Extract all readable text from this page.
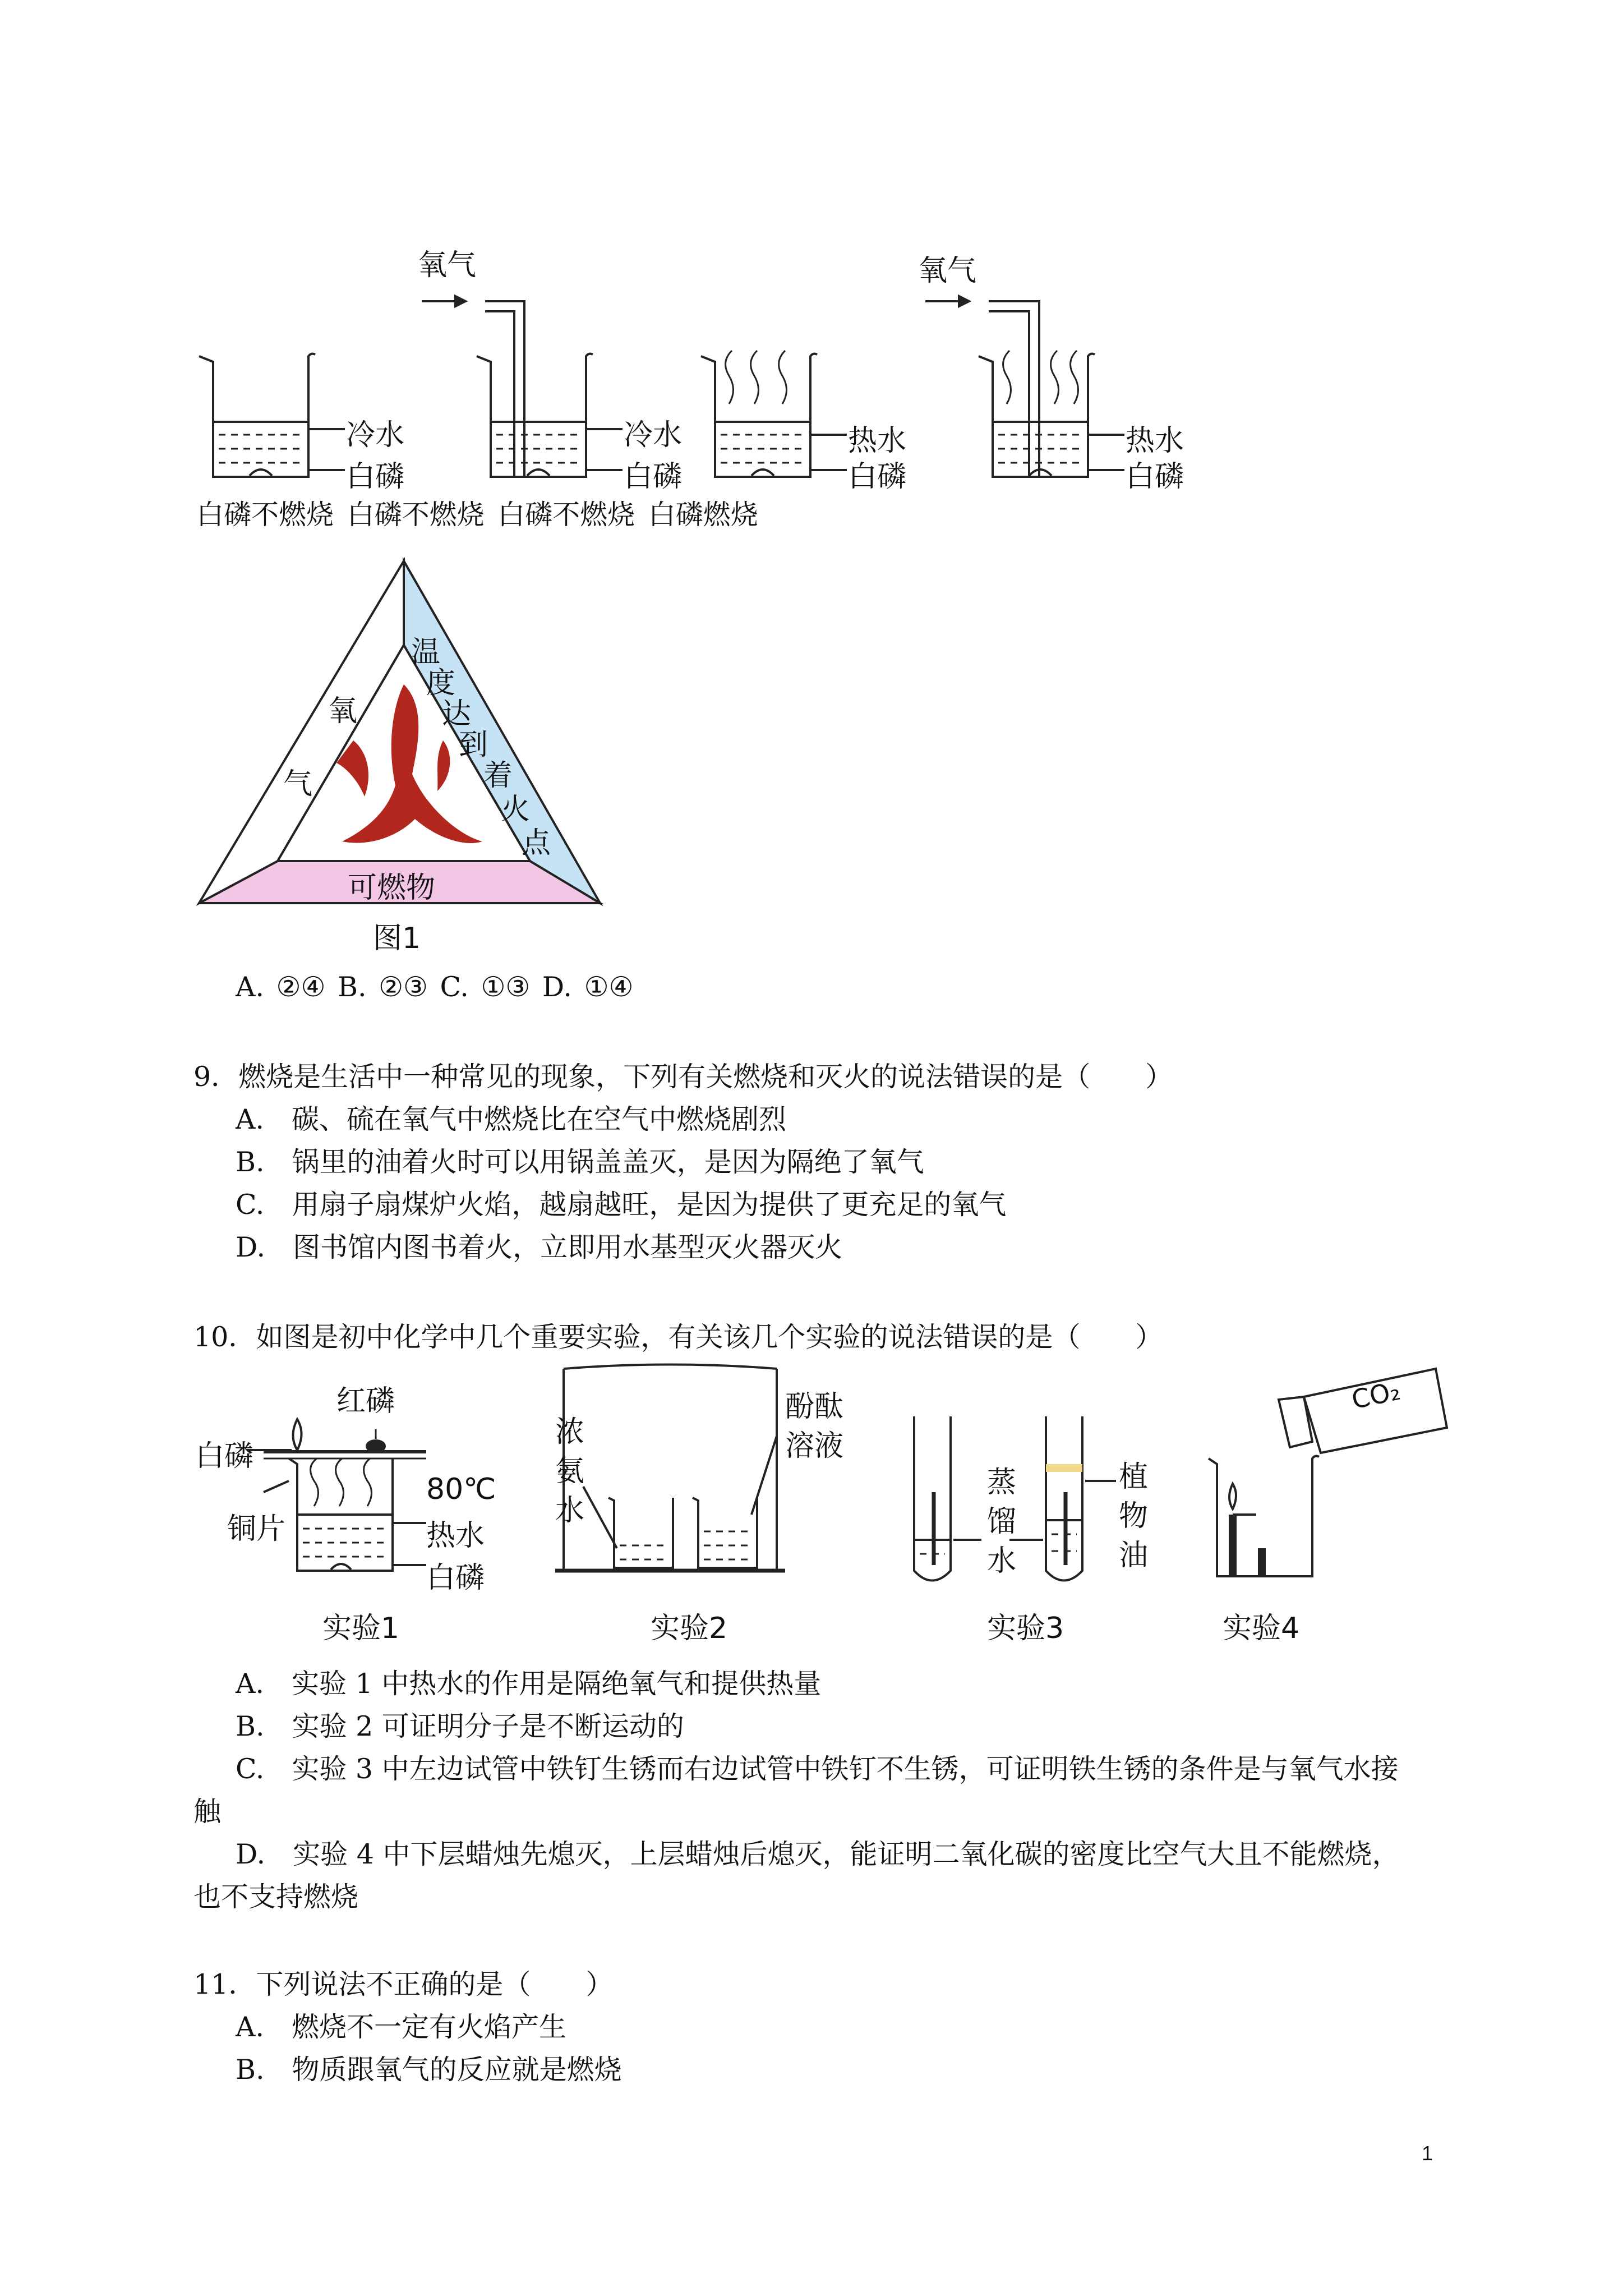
氧气	氧气
冷水
白磷
冷水
白磷
热水
白磷
热水
白磷
白磷不燃烧 白磷不燃烧 白磷不燃烧 白磷燃烧
氧
气
温
度
达
到
着
火
点
可燃物
图1
A. ②④ B. ②③ C. ①③ D. ①④
9．燃烧是生活中一种常见的现象，下列有关燃烧和灭火的说法错误的是（　　）
A.　碳、硫在氧气中燃烧比在空气中燃烧剧烈
B.　锅里的油着火时可以用锅盖盖灭，是因为隔绝了氧气
C.　用扇子扇煤炉火焰，越扇越旺，是因为提供了更充足的氧气
D.　图书馆内图书着火，立即用水基型灭火器灭火
10．如图是初中化学中几个重要实验，有关该几个实验的说法错误的是（　　）
红磷
白磷
铜片
80℃
热水
白磷
实验1
浓
氨
水
酚酞
溶液
实验2
蒸
馏
水
植
物
油
实验3
CO₂
实验4
A.　实验 1 中热水的作用是隔绝氧气和提供热量
B.　实验 2 可证明分子是不断运动的
C.　实验 3 中左边试管中铁钉生锈而右边试管中铁钉不生锈，可证明铁生锈的条件是与氧气水接
触
D.　实验 4 中下层蜡烛先熄灭，上层蜡烛后熄灭，能证明二氧化碳的密度比空气大且不能燃烧，
也不支持燃烧
11．下列说法不正确的是（　　）
A.　燃烧不一定有火焰产生
B.　物质跟氧气的反应就是燃烧
1
